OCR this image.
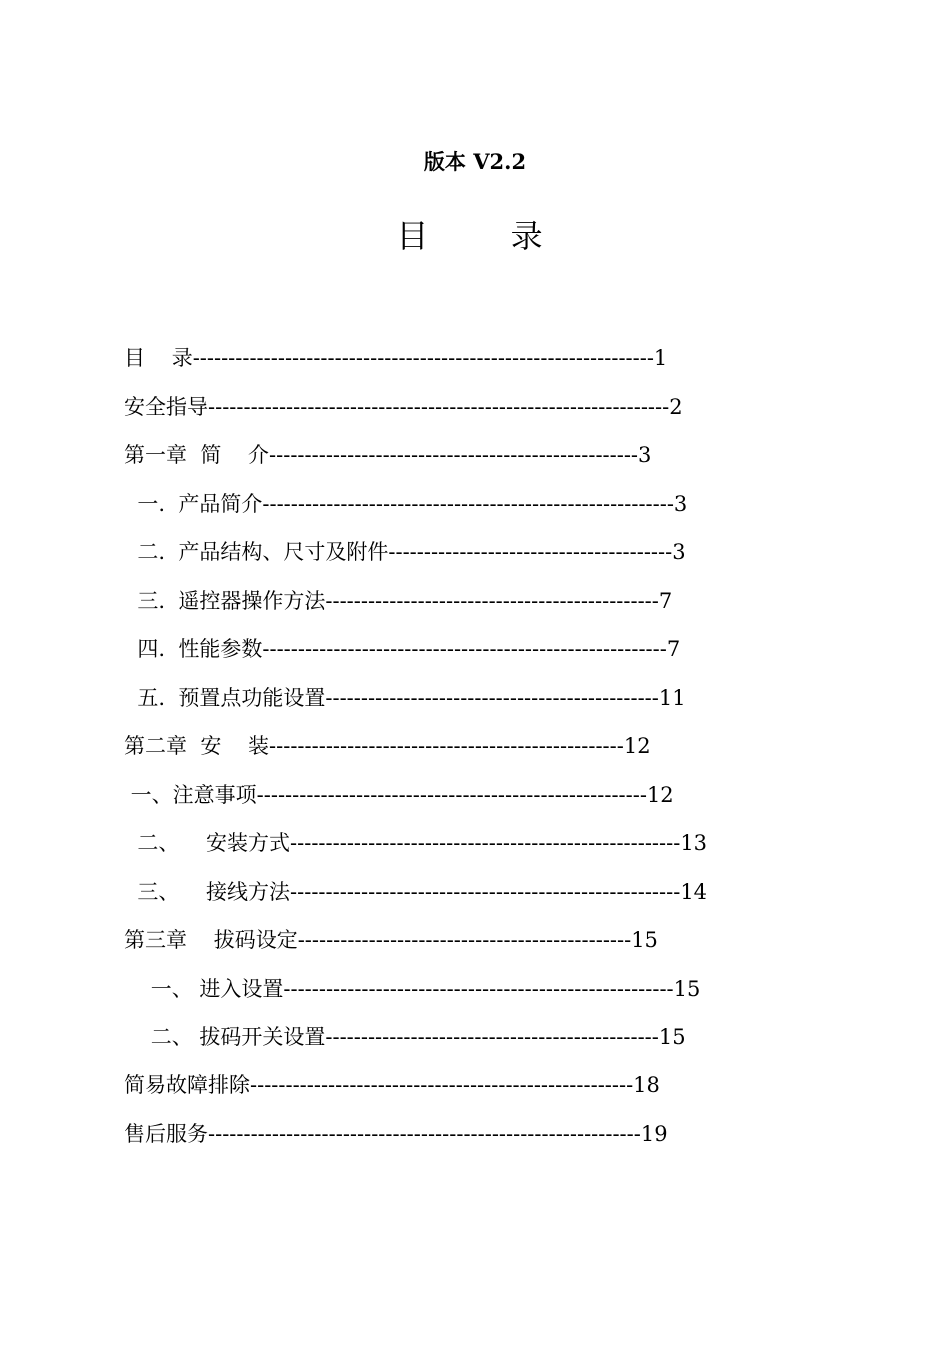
版本 V2.2
目 录
目    录-----------------------------------------------------------------1
安全指导-----------------------------------------------------------------2
第一章  简    介----------------------------------------------------3
一.  产品简介----------------------------------------------------------3
二.  产品结构、尺寸及附件----------------------------------------3
三.  遥控器操作方法-----------------------------------------------7
四.  性能参数---------------------------------------------------------7
五.  预置点功能设置-----------------------------------------------11
第二章  安    装--------------------------------------------------12
一、注意事项-------------------------------------------------------12
二、    安装方式-------------------------------------------------------13
三、    接线方法-------------------------------------------------------14
第三章    拔码设定-----------------------------------------------15
一、 进入设置-------------------------------------------------------15
二、 拔码开关设置-----------------------------------------------15
简易故障排除------------------------------------------------------18
售后服务-------------------------------------------------------------19
